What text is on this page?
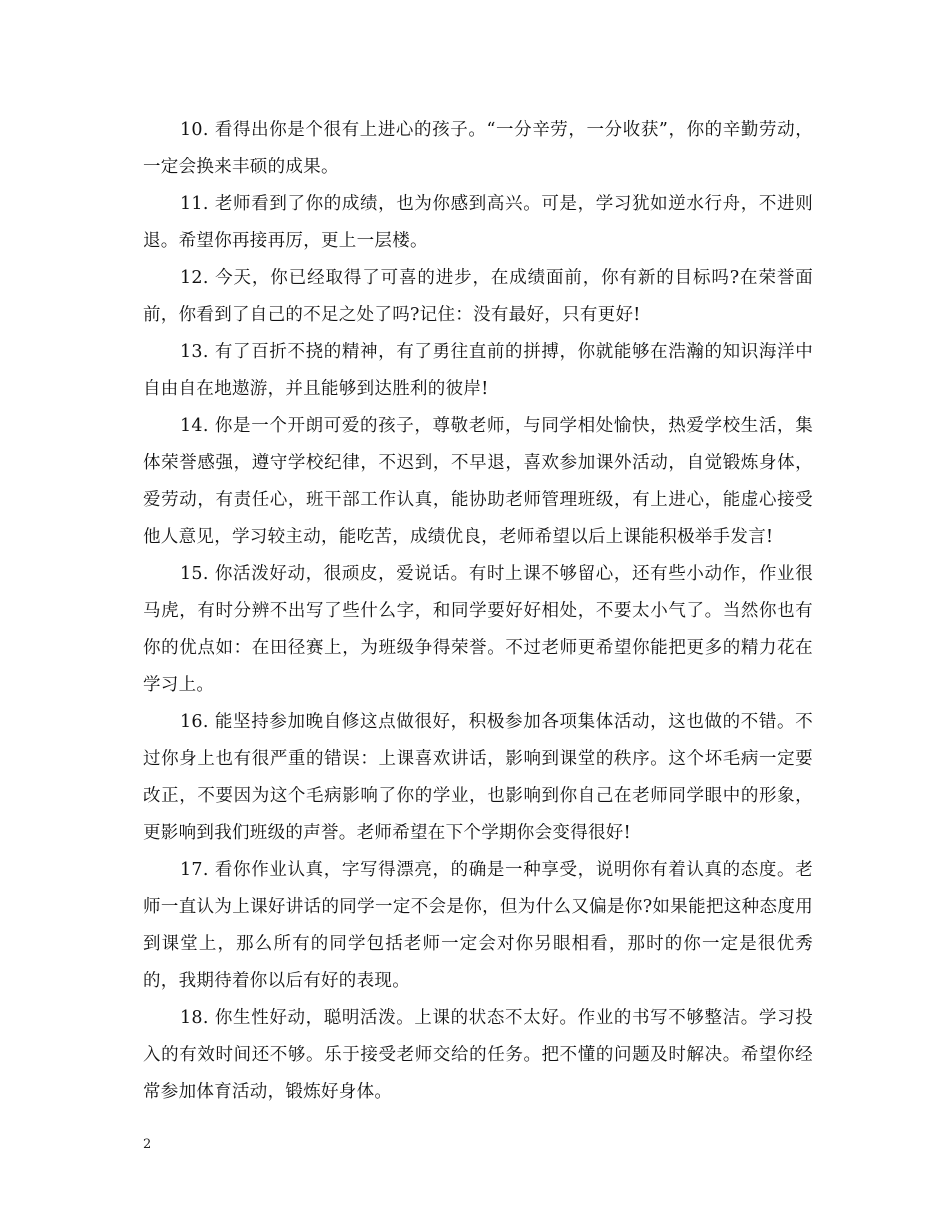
10. 看得出你是个很有上进心的孩子。“一分辛劳，一分收获”，你的辛勤劳动，一定会换来丰硕的成果。

11. 老师看到了你的成绩，也为你感到高兴。可是，学习犹如逆水行舟，不进则退。希望你再接再厉，更上一层楼。

12. 今天，你已经取得了可喜的进步，在成绩面前，你有新的目标吗?在荣誉面前，你看到了自己的不足之处了吗?记住：没有最好，只有更好!

13. 有了百折不挠的精神，有了勇往直前的拼搏，你就能够在浩瀚的知识海洋中自由自在地遨游，并且能够到达胜利的彼岸!

14. 你是一个开朗可爱的孩子，尊敬老师，与同学相处愉快，热爱学校生活，集体荣誉感强，遵守学校纪律，不迟到，不早退，喜欢参加课外活动，自觉锻炼身体，爱劳动，有责任心，班干部工作认真，能协助老师管理班级，有上进心，能虚心接受他人意见，学习较主动，能吃苦，成绩优良，老师希望以后上课能积极举手发言!

15. 你活泼好动，很顽皮，爱说话。有时上课不够留心，还有些小动作，作业很马虎，有时分辨不出写了些什么字，和同学要好好相处，不要太小气了。当然你也有你的优点如：在田径赛上，为班级争得荣誉。不过老师更希望你能把更多的精力花在学习上。

16. 能坚持参加晚自修这点做很好，积极参加各项集体活动，这也做的不错。不过你身上也有很严重的错误：上课喜欢讲话，影响到课堂的秩序。这个坏毛病一定要改正，不要因为这个毛病影响了你的学业，也影响到你自己在老师同学眼中的形象，更影响到我们班级的声誉。老师希望在下个学期你会变得很好!

17. 看你作业认真，字写得漂亮，的确是一种享受，说明你有着认真的态度。老师一直认为上课好讲话的同学一定不会是你，但为什么又偏是你?如果能把这种态度用到课堂上，那么所有的同学包括老师一定会对你另眼相看，那时的你一定是很优秀的，我期待着你以后有好的表现。

18. 你生性好动，聪明活泼。上课的状态不太好。作业的书写不够整洁。学习投入的有效时间还不够。乐于接受老师交给的任务。把不懂的问题及时解决。希望你经常参加体育活动，锻炼好身体。

2
